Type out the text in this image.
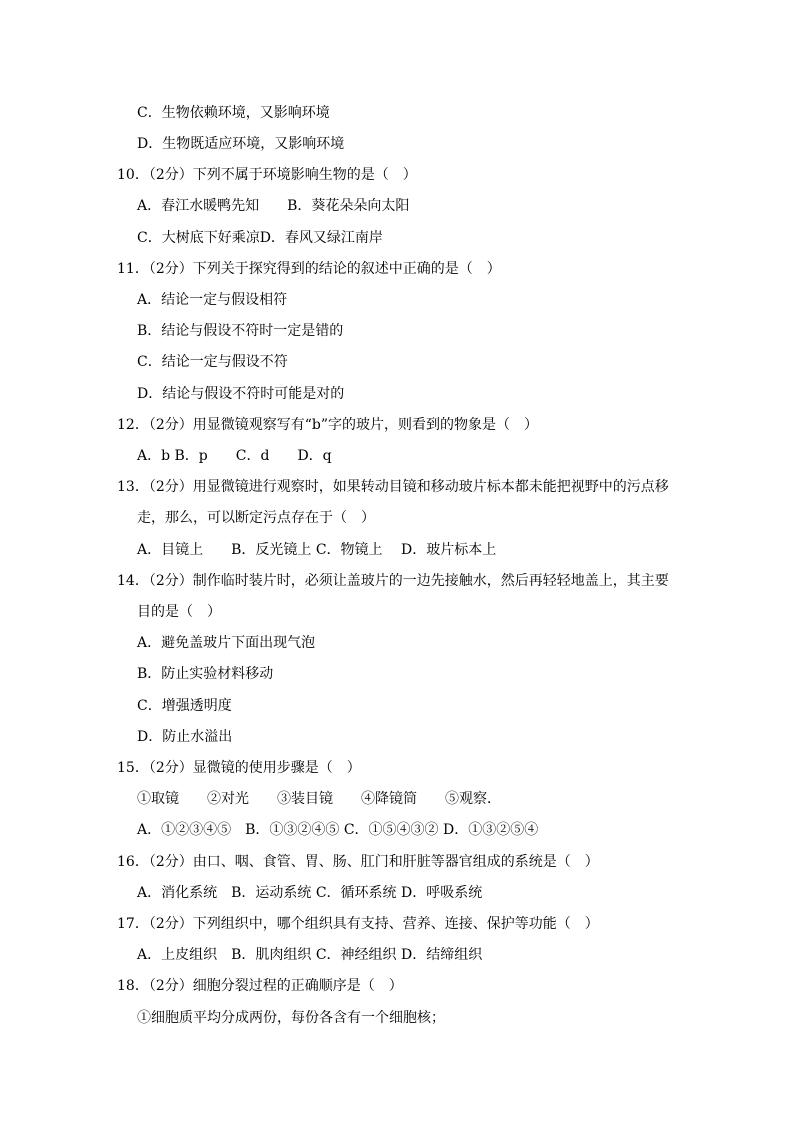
C．生物依赖环境，又影响环境
D．生物既适应环境，又影响环境
10．（2分）下列不属于环境影响生物的是（　）
A．春江水暖鸭先知　　B．葵花朵朵向太阳
C．大树底下好乘凉D．春风又绿江南岸
11．（2分）下列关于探究得到的结论的叙述中正确的是（　）
A．结论一定与假设相符
B．结论与假设不符时一定是错的
C．结论一定与假设不符
D．结论与假设不符时可能是对的
12．（2分）用显微镜观察写有“b”字的玻片，则看到的物象是（　）
A．b B．p　　C．d　　D．q
13．（2分）用显微镜进行观察时，如果转动目镜和移动玻片标本都未能把视野中的污点移
走，那么，可以断定污点存在于（　）
A．目镜上　　B．反光镜上 C．物镜上　 D．玻片标本上
14．（2分）制作临时装片时，必须让盖玻片的一边先接触水，然后再轻轻地盖上，其主要
目的是（　）
A．避免盖玻片下面出现气泡
B．防止实验材料移动
C．增强透明度
D．防止水溢出
15．（2分）显微镜的使用步骤是（　）
①取镜　　②对光　　③装目镜　　④降镜筒　　⑤观察．
A．①②③④⑤　B．①③②④⑤ C．①⑤④③② D．①③②⑤④
16．（2分）由口、咽、食管、胃、肠、肛门和肝脏等器官组成的系统是（　）
A．消化系统　B．运动系统 C．循环系统 D．呼吸系统
17．（2分）下列组织中，哪个组织具有支持、营养、连接、保护等功能（　）
A．上皮组织　B．肌肉组织 C．神经组织 D．结缔组织
18．（2分）细胞分裂过程的正确顺序是（　）
①细胞质平均分成两份，每份各含有一个细胞核；
